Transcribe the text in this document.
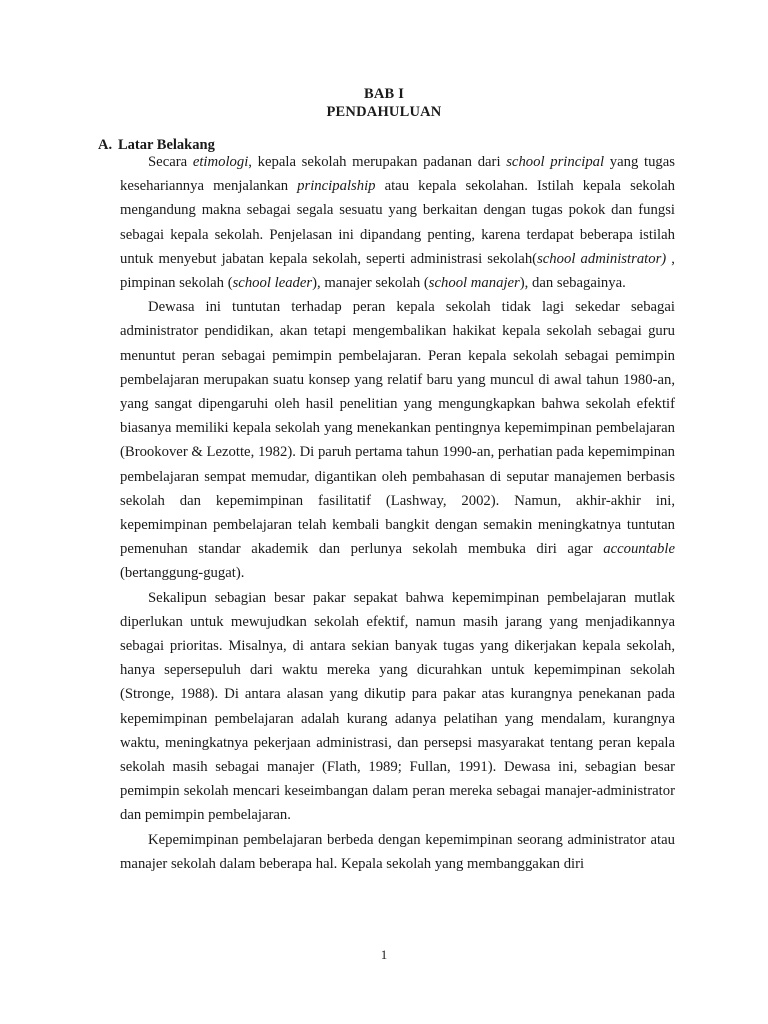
BAB I
PENDAHULUAN
A. Latar Belakang

Secara etimologi, kepala sekolah merupakan padanan dari school principal yang tugas kesehariannya menjalankan principalship atau kepala sekolahan. Istilah kepala sekolah mengandung makna sebagai segala sesuatu yang berkaitan dengan tugas pokok dan fungsi sebagai kepala sekolah. Penjelasan ini dipandang penting, karena terdapat beberapa istilah untuk menyebut jabatan kepala sekolah, seperti administrasi sekolah(school administrator) , pimpinan sekolah (school leader), manajer sekolah (school manajer), dan sebagainya.

Dewasa ini tuntutan terhadap peran kepala sekolah tidak lagi sekedar sebagai administrator pendidikan, akan tetapi mengembalikan hakikat kepala sekolah sebagai guru menuntut peran sebagai pemimpin pembelajaran. Peran kepala sekolah sebagai pemimpin pembelajaran merupakan suatu konsep yang relatif baru yang muncul di awal tahun 1980-an, yang sangat dipengaruhi oleh hasil penelitian yang mengungkapkan bahwa sekolah efektif biasanya memiliki kepala sekolah yang menekankan pentingnya kepemimpinan pembelajaran (Brookover & Lezotte, 1982). Di paruh pertama tahun 1990-an, perhatian pada kepemimpinan pembelajaran sempat memudar, digantikan oleh pembahasan di seputar manajemen berbasis sekolah dan kepemimpinan fasilitatif (Lashway, 2002). Namun, akhir-akhir ini, kepemimpinan pembelajaran telah kembali bangkit dengan semakin meningkatnya tuntutan pemenuhan standar akademik dan perlunya sekolah membuka diri agar accountable (bertanggung-gugat).

Sekalipun sebagian besar pakar sepakat bahwa kepemimpinan pembelajaran mutlak diperlukan untuk mewujudkan sekolah efektif, namun masih jarang yang menjadikannya sebagai prioritas. Misalnya, di antara sekian banyak tugas yang dikerjakan kepala sekolah, hanya sepersepuluh dari waktu mereka yang dicurahkan untuk kepemimpinan sekolah (Stronge, 1988). Di antara alasan yang dikutip para pakar atas kurangnya penekanan pada kepemimpinan pembelajaran adalah kurang adanya pelatihan yang mendalam, kurangnya waktu, meningkatnya pekerjaan administrasi, dan persepsi masyarakat tentang peran kepala sekolah masih sebagai manajer (Flath, 1989; Fullan, 1991). Dewasa ini, sebagian besar pemimpin sekolah mencari keseimbangan dalam peran mereka sebagai manajer-administrator dan pemimpin pembelajaran.

Kepemimpinan pembelajaran berbeda dengan kepemimpinan seorang administrator atau manajer sekolah dalam beberapa hal. Kepala sekolah yang membanggakan diri

1
